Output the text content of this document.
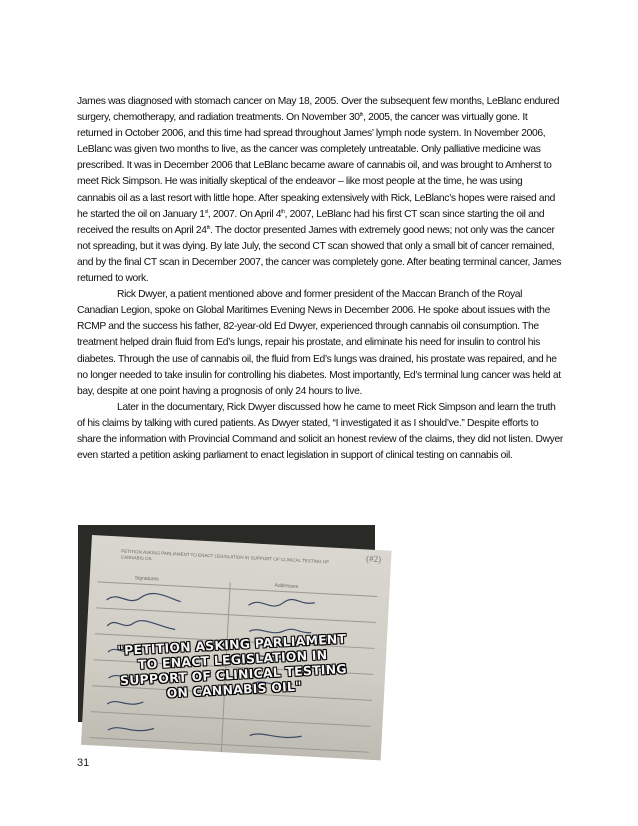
James was diagnosed with stomach cancer on May 18, 2005. Over the subsequent few months, LeBlanc endured surgery, chemotherapy, and radiation treatments. On November 30th, 2005, the cancer was virtually gone. It returned in October 2006, and this time had spread throughout James’ lymph node system. In November 2006, LeBlanc was given two months to live, as the cancer was completely untreatable. Only palliative medicine was prescribed. It was in December 2006 that LeBlanc became aware of cannabis oil, and was brought to Amherst to meet Rick Simpson. He was initially skeptical of the endeavor – like most people at the time, he was using cannabis oil as a last resort with little hope. After speaking extensively with Rick, LeBlanc’s hopes were raised and he started the oil on January 1st, 2007. On April 4th, 2007, LeBlanc had his first CT scan since starting the oil and received the results on April 24th. The doctor presented James with extremely good news; not only was the cancer not spreading, but it was dying. By late July, the second CT scan showed that only a small bit of cancer remained, and by the final CT scan in December 2007, the cancer was completely gone. After beating terminal cancer, James returned to work.

Rick Dwyer, a patient mentioned above and former president of the Maccan Branch of the Royal Canadian Legion, spoke on Global Maritimes Evening News in December 2006. He spoke about issues with the RCMP and the success his father, 82-year-old Ed Dwyer, experienced through cannabis oil consumption. The treatment helped drain fluid from Ed’s lungs, repair his prostate, and eliminate his need for insulin to control his diabetes. Through the use of cannabis oil, the fluid from Ed’s lungs was drained, his prostate was repaired, and he no longer needed to take insulin for controlling his diabetes. Most importantly, Ed’s terminal lung cancer was held at bay, despite at one point having a prognosis of only 24 hours to live.

Later in the documentary, Rick Dwyer discussed how he came to meet Rick Simpson and learn the truth of his claims by talking with cured patients. As Dwyer stated, “I investigated it as I should’ve.” Despite efforts to share the information with Provincial Command and solicit an honest review of the claims, they did not listen. Dwyer even started a petition asking parliament to enact legislation in support of clinical testing on cannabis oil.

PETITION ASKING PARLIAMENT TO ENACT LEGISLATION IN SUPPORT OF CLINICAL TESTING OF CANNABIS OIL	(#2)
Signatures
Addresses
"PETITION ASKING PARLIAMENT TO ENACT LEGISLATION IN SUPPORT OF CLINICAL TESTING ON CANNABIS OIL"
31
